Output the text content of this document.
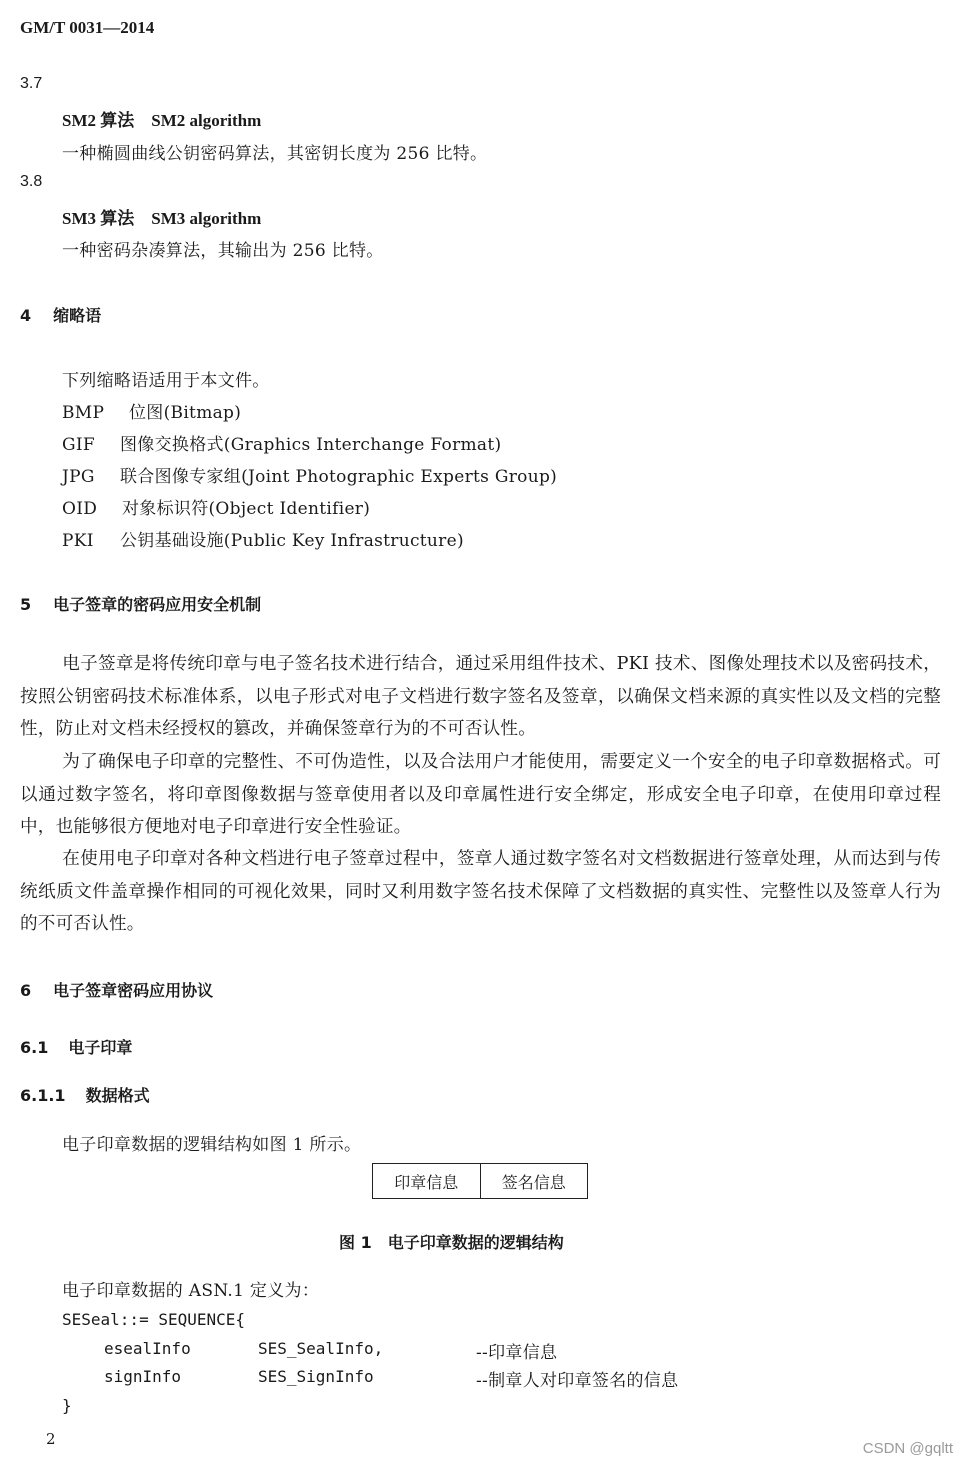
GM/T 0031—2014
3.7
SM2 算法　SM2 algorithm
一种椭圆曲线公钥密码算法，其密钥长度为 256 比特。
3.8
SM3 算法　SM3 algorithm
一种密码杂凑算法，其输出为 256 比特。
4 缩略语
下列缩略语适用于本文件。
BMP 位图(Bitmap)
GIF 图像交换格式(Graphics Interchange Format)
JPG 联合图像专家组(Joint Photographic Experts Group)
OID 对象标识符(Object Identifier)
PKI 公钥基础设施(Public Key Infrastructure)
5 电子签章的密码应用安全机制
电子签章是将传统印章与电子签名技术进行结合，通过采用组件技术、PKI 技术、图像处理技术以及密码技术，按照公钥密码技术标准体系，以电子形式对电子文档进行数字签名及签章，以确保文档来源的真实性以及文档的完整性，防止对文档未经授权的篡改，并确保签章行为的不可否认性。
为了确保电子印章的完整性、不可伪造性，以及合法用户才能使用，需要定义一个安全的电子印章数据格式。可以通过数字签名，将印章图像数据与签章使用者以及印章属性进行安全绑定，形成安全电子印章，在使用印章过程中，也能够很方便地对电子印章进行安全性验证。
在使用电子印章对各种文档进行电子签章过程中，签章人通过数字签名对文档数据进行签章处理，从而达到与传统纸质文件盖章操作相同的可视化效果，同时又利用数字签名技术保障了文档数据的真实性、完整性以及签章人行为的不可否认性。
6 电子签章密码应用协议
6.1 电子印章
6.1.1 数据格式
电子印章数据的逻辑结构如图 1 所示。
印章信息	签名信息
图 1　电子印章数据的逻辑结构
电子印章数据的 ASN.1 定义为：
SESeal::= SEQUENCE{
esealInfo	SES_SealInfo,	--印章信息
signInfo	SES_SignInfo	--制章人对印章签名的信息
}
2
CSDN @gqltt
